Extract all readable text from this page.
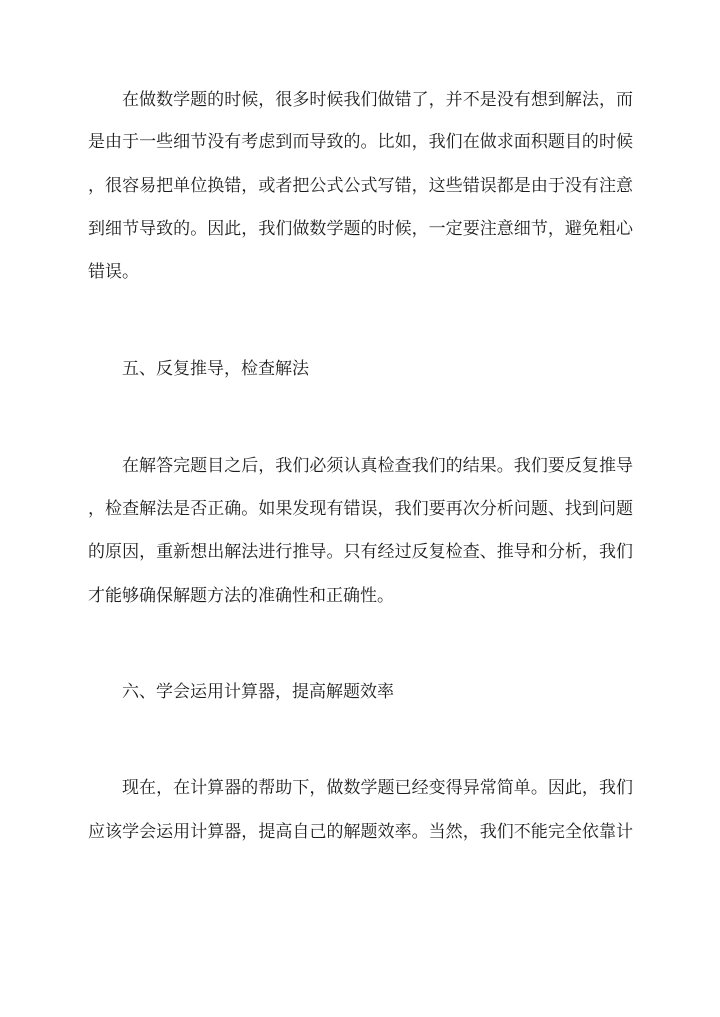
在做数学题的时候，很多时候我们做错了，并不是没有想到解法，而
是由于一些细节没有考虑到而导致的。比如，我们在做求面积题目的时候
，很容易把单位换错，或者把公式公式写错，这些错误都是由于没有注意
到细节导致的。因此，我们做数学题的时候，一定要注意细节，避免粗心
错误。
五、反复推导，检查解法
在解答完题目之后，我们必须认真检查我们的结果。我们要反复推导
，检查解法是否正确。如果发现有错误，我们要再次分析问题、找到问题
的原因，重新想出解法进行推导。只有经过反复检查、推导和分析，我们
才能够确保解题方法的准确性和正确性。
六、学会运用计算器，提高解题效率
现在，在计算器的帮助下，做数学题已经变得异常简单。因此，我们
应该学会运用计算器，提高自己的解题效率。当然，我们不能完全依靠计
